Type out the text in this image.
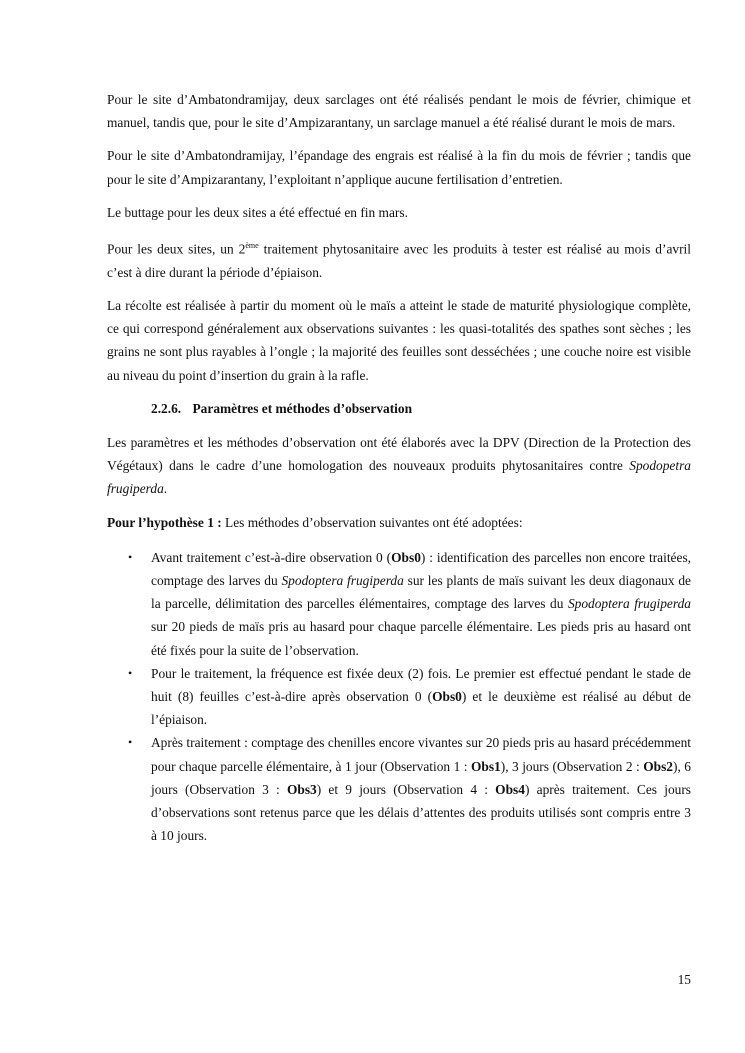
Pour le site d’Ambatondramijay, deux sarclages ont été réalisés pendant le mois de février, chimique et manuel, tandis que, pour le site d’Ampizarantany, un sarclage manuel a été réalisé durant le mois de mars.

Pour le site d’Ambatondramijay, l’épandage des engrais est réalisé à la fin du mois de février ; tandis que pour le site d’Ampizarantany, l’exploitant n’applique aucune fertilisation d’entretien.

Le buttage pour les deux sites a été effectué en fin mars.

Pour les deux sites, un 2ème traitement phytosanitaire avec les produits à tester est réalisé au mois d’avril c’est à dire durant la période d’épiaison.

La récolte est réalisée à partir du moment où le maïs a atteint le stade de maturité physiologique complète, ce qui correspond généralement aux observations suivantes : les quasi-totalités des spathes sont sèches ; les grains ne sont plus rayables à l’ongle ; la majorité des feuilles sont desséchées ; une couche noire est visible au niveau du point d’insertion du grain à la rafle.

2.2.6. Paramètres et méthodes d’observation

Les paramètres et les méthodes d’observation ont été élaborés avec la DPV (Direction de la Protection des Végétaux) dans le cadre d’une homologation des nouveaux produits phytosanitaires contre Spodopetra frugiperda.

Pour l’hypothèse 1 : Les méthodes d’observation suivantes ont été adoptées:

• Avant traitement c’est-à-dire observation 0 (Obs0) : identification des parcelles non encore traitées, comptage des larves du Spodoptera frugiperda sur les plants de maïs suivant les deux diagonaux de la parcelle, délimitation des parcelles élémentaires, comptage des larves du Spodoptera frugiperda sur 20 pieds de maïs pris au hasard pour chaque parcelle élémentaire. Les pieds pris au hasard ont été fixés pour la suite de l’observation.
• Pour le traitement, la fréquence est fixée deux (2) fois. Le premier est effectué pendant le stade de huit (8) feuilles c’est-à-dire après observation 0 (Obs0) et le deuxième est réalisé au début de l’épiaison.
• Après traitement : comptage des chenilles encore vivantes sur 20 pieds pris au hasard précédemment pour chaque parcelle élémentaire, à 1 jour (Observation 1 : Obs1), 3 jours (Observation 2 : Obs2), 6 jours (Observation 3 : Obs3) et 9 jours (Observation 4 : Obs4) après traitement. Ces jours d’observations sont retenus parce que les délais d’attentes des produits utilisés sont compris entre 3 à 10 jours.
15
